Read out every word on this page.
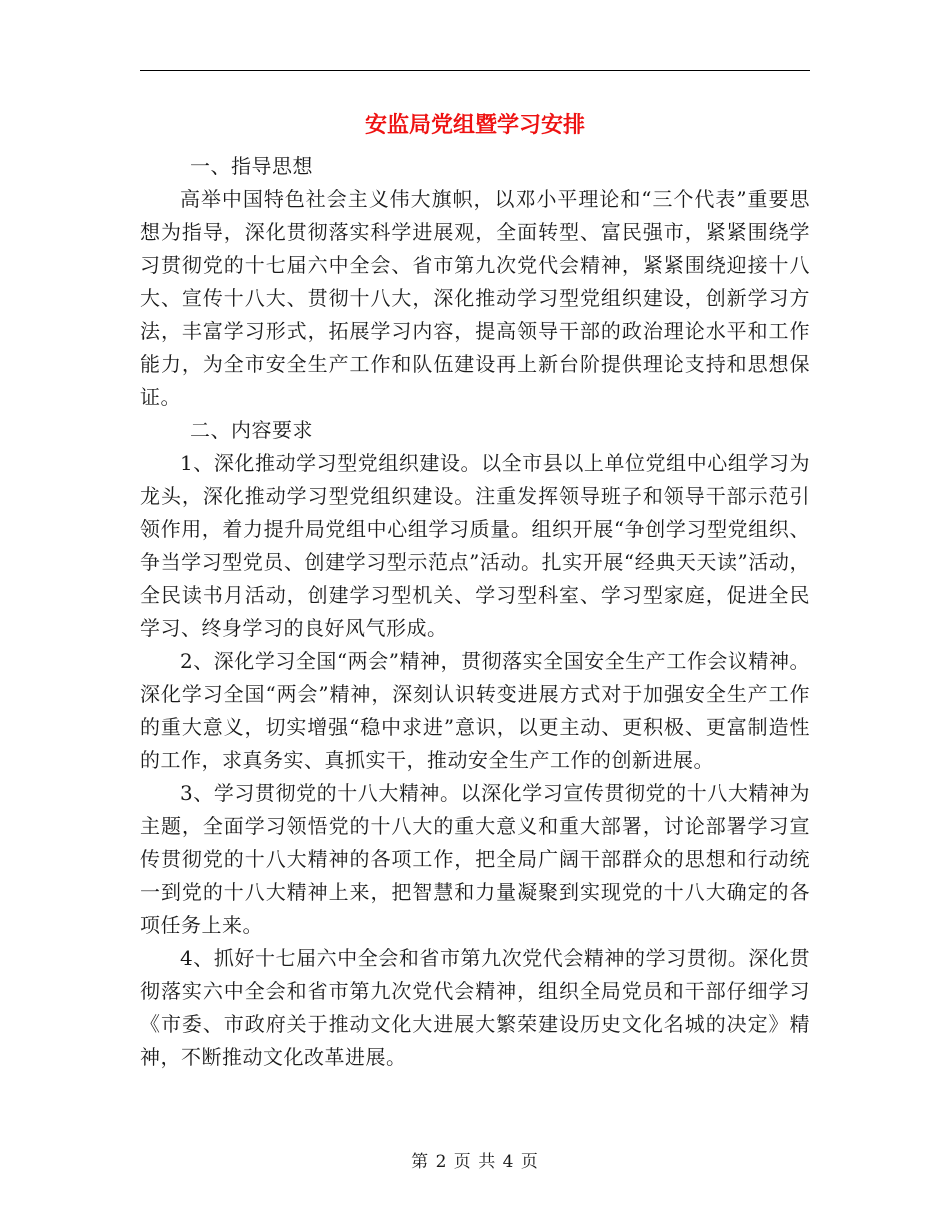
安监局党组暨学习安排

一、指导思想

高举中国特色社会主义伟大旗帜，以邓小平理论和“三个代表”重要思想为指导，深化贯彻落实科学进展观，全面转型、富民强市，紧紧围绕学习贯彻党的十七届六中全会、省市第九次党代会精神，紧紧围绕迎接十八大、宣传十八大、贯彻十八大，深化推动学习型党组织建设，创新学习方法，丰富学习形式，拓展学习内容，提高领导干部的政治理论水平和工作能力，为全市安全生产工作和队伍建设再上新台阶提供理论支持和思想保证。

二、内容要求

1、深化推动学习型党组织建设。以全市县以上单位党组中心组学习为龙头，深化推动学习型党组织建设。注重发挥领导班子和领导干部示范引领作用，着力提升局党组中心组学习质量。组织开展“争创学习型党组织、争当学习型党员、创建学习型示范点”活动。扎实开展“经典天天读”活动，全民读书月活动，创建学习型机关、学习型科室、学习型家庭，促进全民学习、终身学习的良好风气形成。

2、深化学习全国“两会”精神，贯彻落实全国安全生产工作会议精神。深化学习全国“两会”精神，深刻认识转变进展方式对于加强安全生产工作的重大意义，切实增强“稳中求进”意识，以更主动、更积极、更富制造性的工作，求真务实、真抓实干，推动安全生产工作的创新进展。

3、学习贯彻党的十八大精神。以深化学习宣传贯彻党的十八大精神为主题，全面学习领悟党的十八大的重大意义和重大部署，讨论部署学习宣传贯彻党的十八大精神的各项工作，把全局广阔干部群众的思想和行动统一到党的十八大精神上来，把智慧和力量凝聚到实现党的十八大确定的各项任务上来。

4、抓好十七届六中全会和省市第九次党代会精神的学习贯彻。深化贯彻落实六中全会和省市第九次党代会精神，组织全局党员和干部仔细学习《市委、市政府关于推动文化大进展大繁荣建设历史文化名城的决定》精神，不断推动文化改革进展。

第 2 页 共 4 页
